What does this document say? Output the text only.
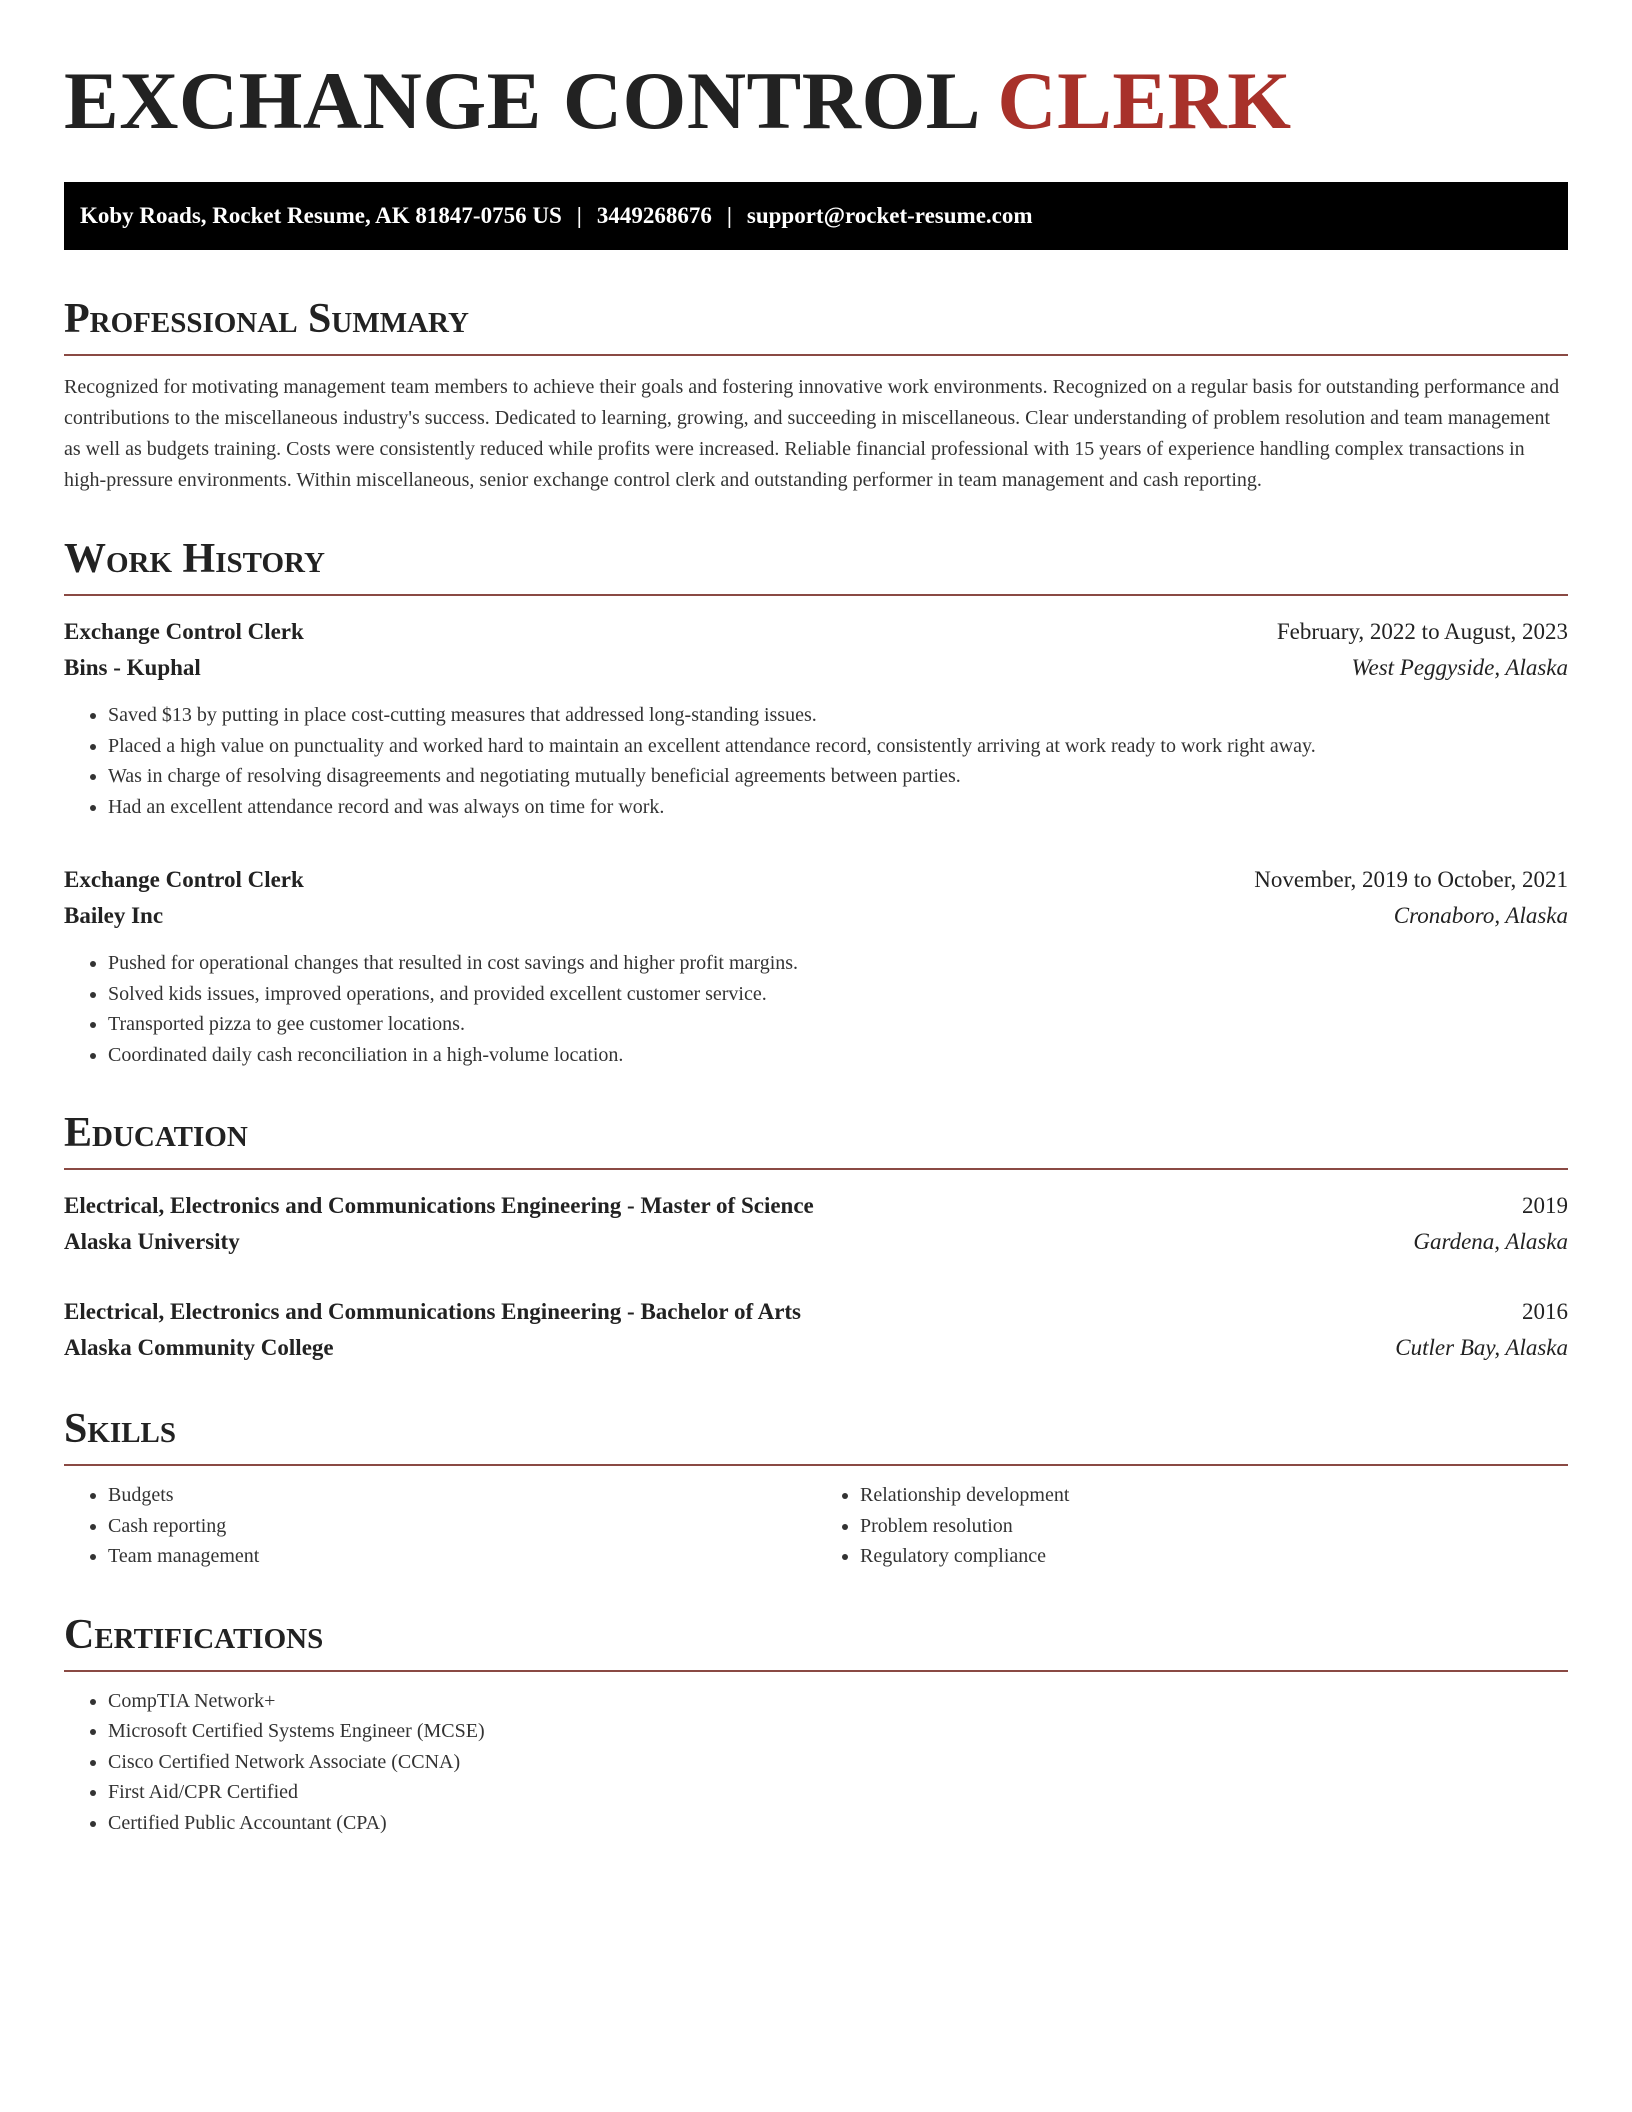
EXCHANGE CONTROL CLERK
Koby Roads, Rocket Resume, AK 81847-0756 US | 3449268676 | support@rocket-resume.com
Professional Summary

Recognized for motivating management team members to achieve their goals and fostering innovative work environments. Recognized on a regular basis for outstanding performance and contributions to the miscellaneous industry's success. Dedicated to learning, growing, and succeeding in miscellaneous. Clear understanding of problem resolution and team management as well as budgets training. Costs were consistently reduced while profits were increased. Reliable financial professional with 15 years of experience handling complex transactions in high-pressure environments. Within miscellaneous, senior exchange control clerk and outstanding performer in team management and cash reporting.

Work History
Exchange Control Clerk	February, 2022 to August, 2023
Bins - Kuphal	West Peggyside, Alaska
• Saved $13 by putting in place cost-cutting measures that addressed long-standing issues.
• Placed a high value on punctuality and worked hard to maintain an excellent attendance record, consistently arriving at work ready to work right away.
• Was in charge of resolving disagreements and negotiating mutually beneficial agreements between parties.
• Had an excellent attendance record and was always on time for work.
Exchange Control Clerk	November, 2019 to October, 2021
Bailey Inc	Cronaboro, Alaska
• Pushed for operational changes that resulted in cost savings and higher profit margins.
• Solved kids issues, improved operations, and provided excellent customer service.
• Transported pizza to gee customer locations.
• Coordinated daily cash reconciliation in a high-volume location.
Education
Electrical, Electronics and Communications Engineering - Master of Science	2019
Alaska University	Gardena, Alaska
Electrical, Electronics and Communications Engineering - Bachelor of Arts	2016
Alaska Community College	Cutler Bay, Alaska
Skills
• Budgets
• Cash reporting
• Team management
• Relationship development
• Problem resolution
• Regulatory compliance
Certifications
• CompTIA Network+
• Microsoft Certified Systems Engineer (MCSE)
• Cisco Certified Network Associate (CCNA)
• First Aid/CPR Certified
• Certified Public Accountant (CPA)
